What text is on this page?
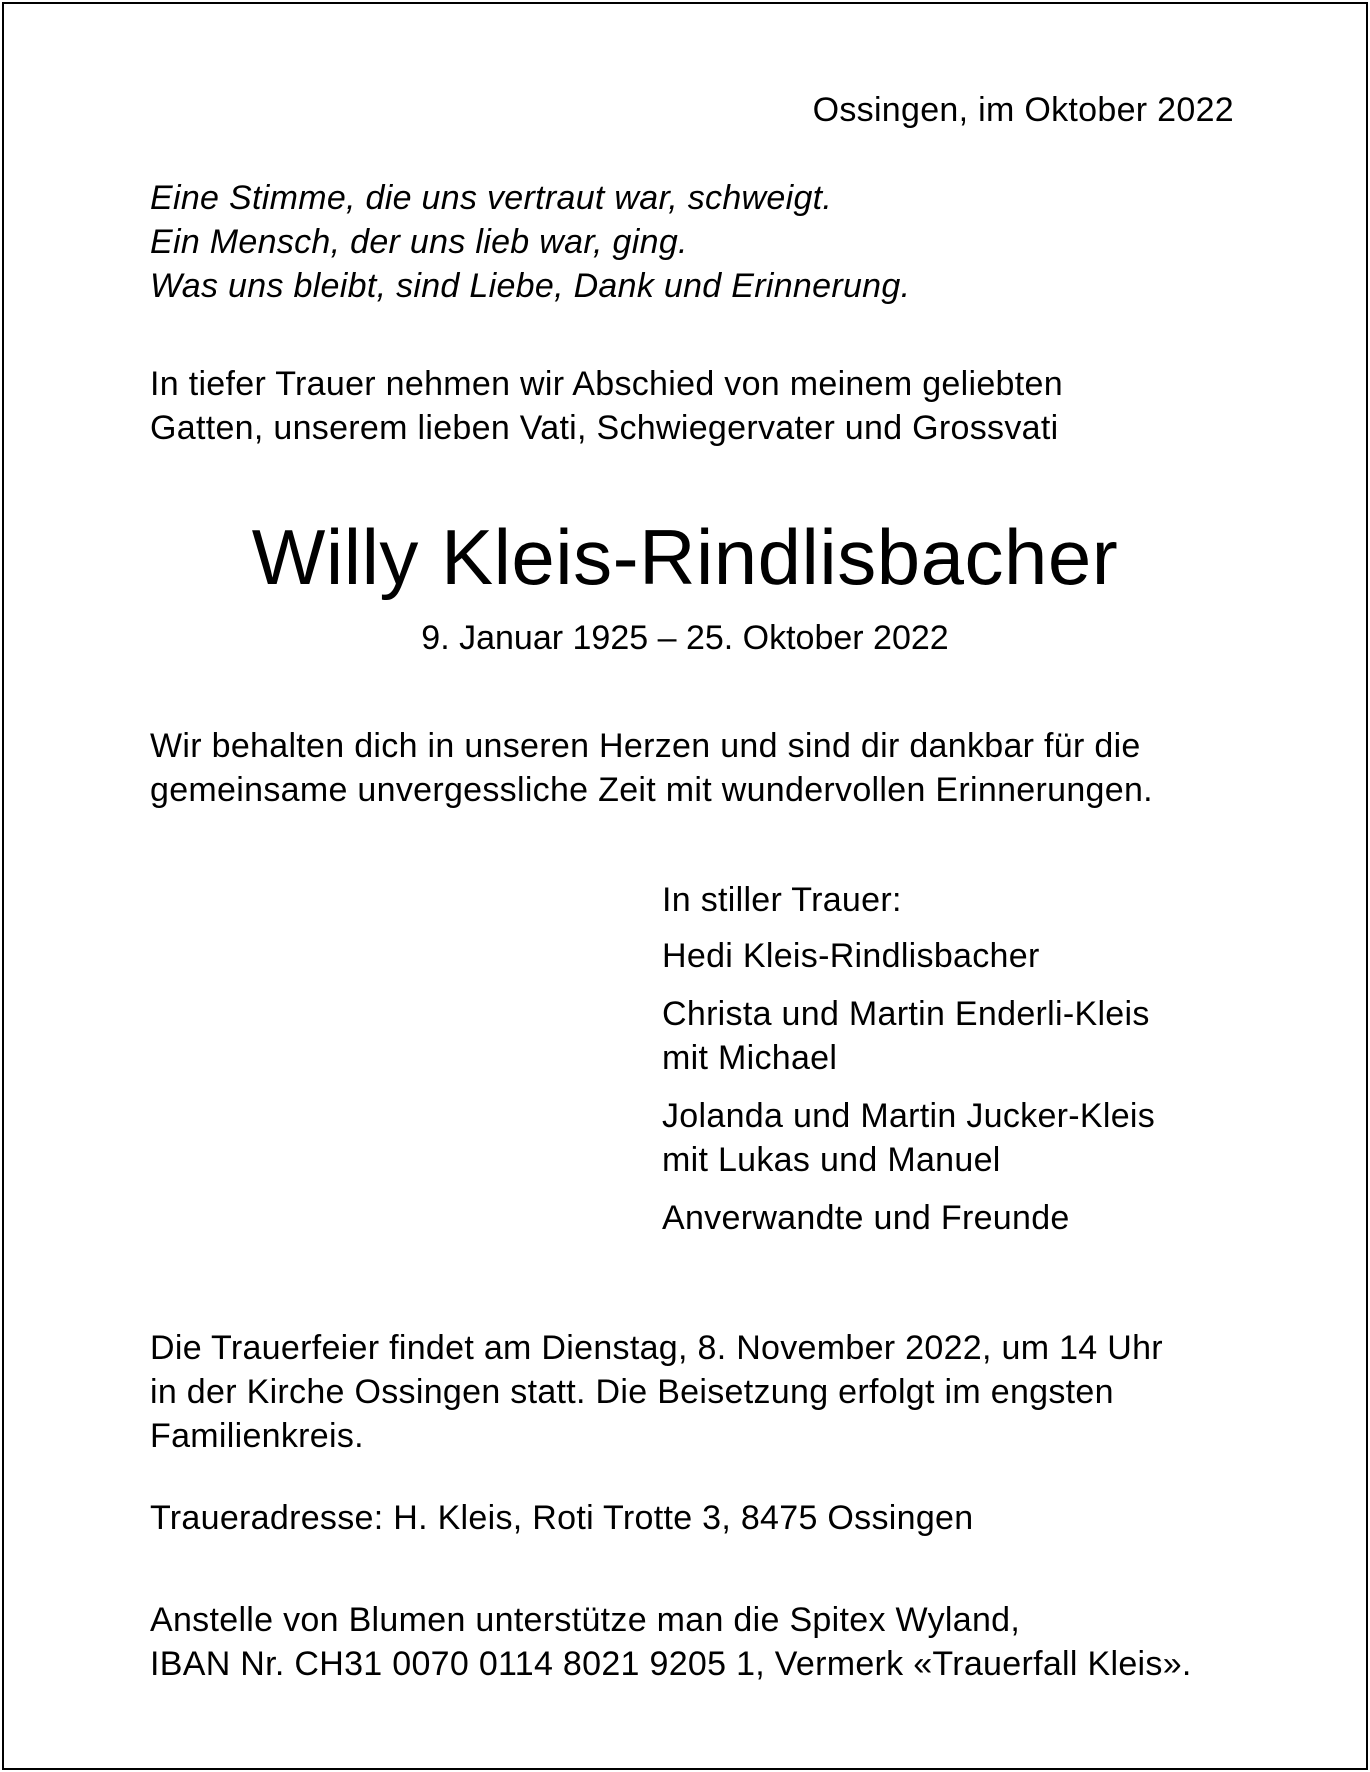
Ossingen, im Oktober 2022
Eine Stimme, die uns vertraut war, schweigt.
Ein Mensch, der uns lieb war, ging.
Was uns bleibt, sind Liebe, Dank und Erinnerung.
In tiefer Trauer nehmen wir Abschied von meinem geliebten
Gatten, unserem lieben Vati, Schwiegervater und Grossvati
Willy Kleis-Rindlisbacher
9. Januar 1925 – 25. Oktober 2022
Wir behalten dich in unseren Herzen und sind dir dankbar für die
gemeinsame unvergessliche Zeit mit wundervollen Erinnerungen.
In stiller Trauer:
Hedi Kleis-Rindlisbacher
Christa und Martin Enderli-Kleis
mit Michael
Jolanda und Martin Jucker-Kleis
mit Lukas und Manuel
Anverwandte und Freunde
Die Trauerfeier findet am Dienstag, 8. November 2022, um 14 Uhr
in der Kirche Ossingen statt. Die Beisetzung erfolgt im engsten
Familienkreis.
Traueradresse: H. Kleis, Roti Trotte 3, 8475 Ossingen
Anstelle von Blumen unterstütze man die Spitex Wyland,
IBAN Nr. CH31 0070 0114 8021 9205 1, Vermerk «Trauerfall Kleis».
